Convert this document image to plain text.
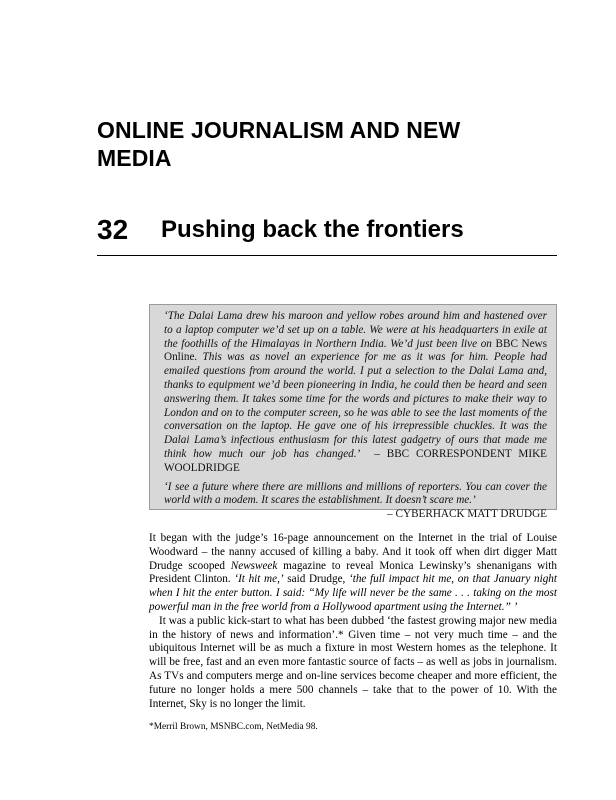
ONLINE JOURNALISM AND NEW MEDIA
32 Pushing back the frontiers

‘The Dalai Lama drew his maroon and yellow robes around him and hastened over to a laptop computer we’d set up on a table. We were at his headquarters in exile at the foothills of the Himalayas in Northern India. We’d just been live on BBC News Online. This was as novel an experience for me as it was for him. People had emailed questions from around the world. I put a selection to the Dalai Lama and, thanks to equipment we’d been pioneering in India, he could then be heard and seen answering them. It takes some time for the words and pictures to make their way to London and on to the computer screen, so he was able to see the last moments of the conversation on the laptop. He gave one of his irrepressible chuckles. It was the Dalai Lama’s infectious enthusiasm for this latest gadgetry of ours that made me think how much our job has changed.’ – BBC CORRESPONDENT MIKE WOOLDRIDGE

‘I see a future where there are millions and millions of reporters. You can cover the world with a modem. It scares the establishment. It doesn’t scare me.’
– CYBERHACK MATT DRUDGE

It began with the judge’s 16-page announcement on the Internet in the trial of Louise Woodward – the nanny accused of killing a baby. And it took off when dirt digger Matt Drudge scooped Newsweek magazine to reveal Monica Lewinsky’s shenanigans with President Clinton. ‘It hit me,’ said Drudge, ‘the full impact hit me, on that January night when I hit the enter button. I said: “My life will never be the same . . . taking on the most powerful man in the free world from a Hollywood apartment using the Internet.” ’

It was a public kick-start to what has been dubbed ‘the fastest growing major new media in the history of news and information’.* Given time – not very much time – and the ubiquitous Internet will be as much a fixture in most Western homes as the telephone. It will be free, fast and an even more fantastic source of facts – as well as jobs in journalism. As TVs and computers merge and on-line services become cheaper and more efficient, the future no longer holds a mere 500 channels – take that to the power of 10. With the Internet, Sky is no longer the limit.

*Merril Brown, MSNBC.com, NetMedia 98.
